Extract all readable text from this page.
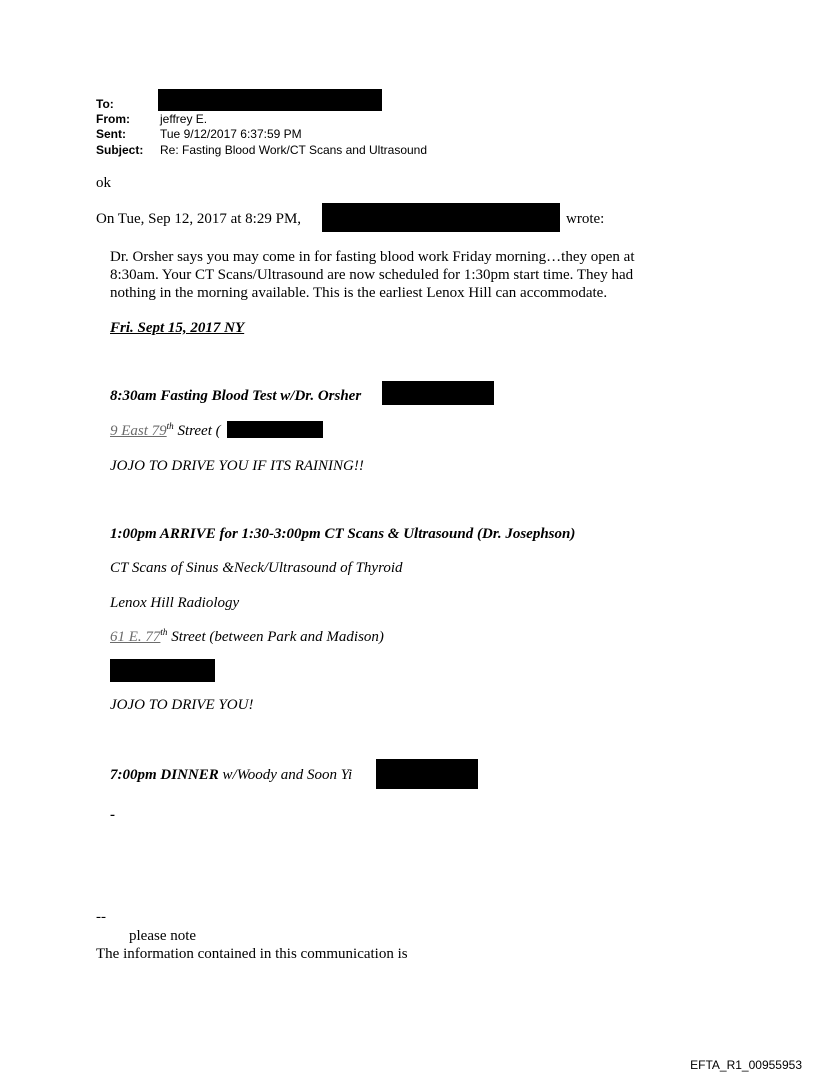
To:
From:	jeffrey E.
Sent:	Tue 9/12/2017 6:37:59 PM
Subject: Re: Fasting Blood Work/CT Scans and Ultrasound
ok
On Tue, Sep 12, 2017 at 8:29 PM,	wrote:
Dr. Orsher says you may come in for fasting blood work Friday morning…they open at
8:30am. Your CT Scans/Ultrasound are now scheduled for 1:30pm start time. They had
nothing in the morning available. This is the earliest Lenox Hill can accommodate.
Fri. Sept 15, 2017 NY
8:30am Fasting Blood Test w/Dr. Orsher
9 East 79th Street (
JOJO TO DRIVE YOU IF ITS RAINING!!
1:00pm ARRIVE for 1:30-3:00pm CT Scans & Ultrasound (Dr. Josephson)
CT Scans of Sinus &Neck/Ultrasound of Thyroid
Lenox Hill Radiology
61 E. 77th Street (between Park and Madison)
JOJO TO DRIVE YOU!
7:00pm DINNER w/Woody and Soon Yi
-
--
please note
The information contained in this communication is
EFTA_R1_00955953
